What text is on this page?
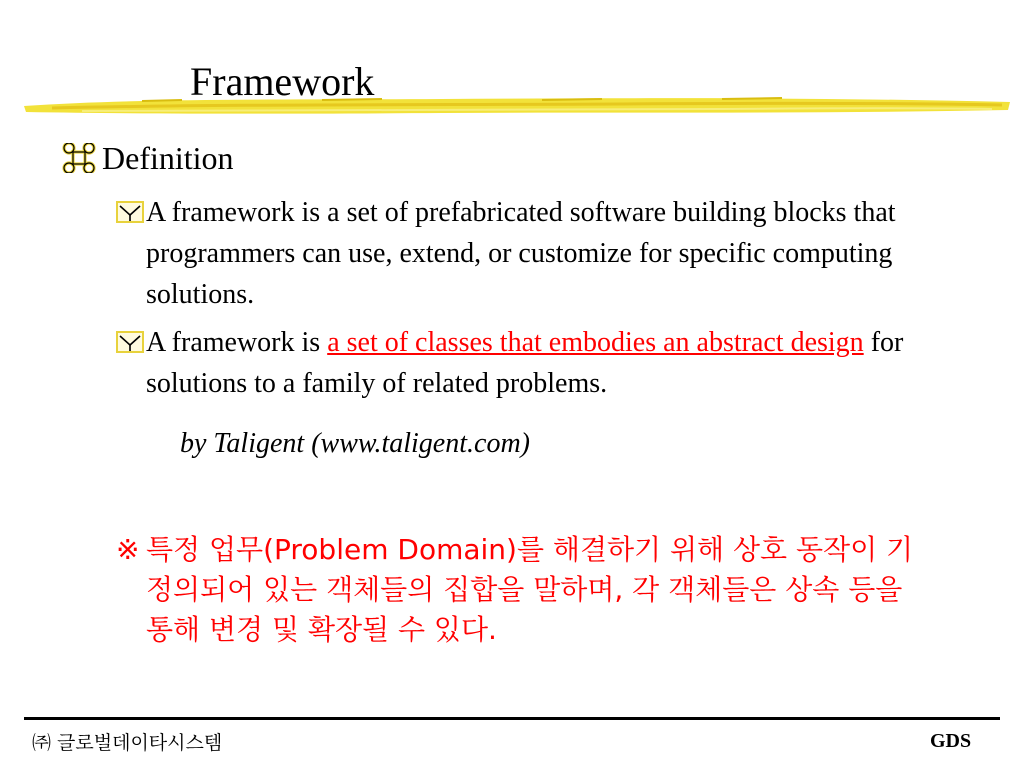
Framework
Definition
A framework is a set of prefabricated software building blocks that programmers can use, extend, or customize for specific computing solutions.
A framework is a set of classes that embodies an abstract design for solutions to a family of related problems.
by Taligent (www.taligent.com)
※ 특정 업무(Problem Domain)를 해결하기 위해 상호 동작이 기정의되어 있는 객체들의 집합을 말하며, 각 객체들은 상속 등을 통해 변경 및 확장될 수 있다.
㈜ 글로벌데이타시스템	GDS
